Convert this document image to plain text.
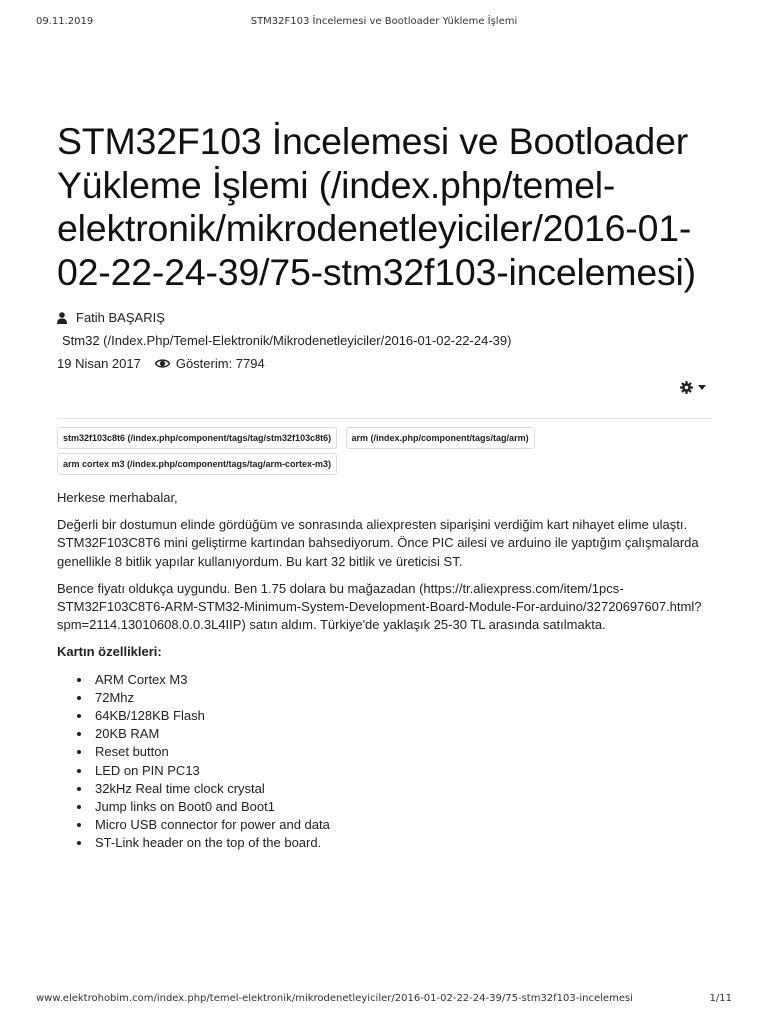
09.11.2019	STM32F103 İncelemesi ve Bootloader Yükleme İşlemi
STM32F103 İncelemesi ve Bootloader Yükleme İşlemi (/index.php/temel-elektronik/mikrodenetleyiciler/2016-01-02-22-24-39/75-stm32f103-incelemesi)
Fatih BAŞARIŞ
Stm32 (/Index.Php/Temel-Elektronik/Mikrodenetleyiciler/2016-01-02-22-24-39)
19 Nisan 2017	Gösterim: 7794
stm32f103c8t6 (/index.php/component/tags/tag/stm32f103c8t6) arm (/index.php/component/tags/tag/arm) arm cortex m3 (/index.php/component/tags/tag/arm-cortex-m3)

Herkese merhabalar,

Değerli bir dostumun elinde gördüğüm ve sonrasında aliexpresten siparişini verdiğim kart nihayet elime ulaştı. STM32F103C8T6 mini geliştirme kartından bahsediyorum. Önce PIC ailesi ve arduino ile yaptığım çalışmalarda genellikle 8 bitlik yapılar kullanıyordum. Bu kart 32 bitlik ve üreticisi ST.

Bence fiyatı oldukça uygundu. Ben 1.75 dolara bu mağazadan (https://tr.aliexpress.com/item/1pcs-STM32F103C8T6-ARM-STM32-Minimum-System-Development-Board-Module-For-arduino/32720697607.html?spm=2114.13010608.0.0.3L4IIP) satın aldım. Türkiye'de yaklaşık 25-30 TL arasında satılmakta.

Kartın özellikleri:

ARM Cortex M3
72Mhz
64KB/128KB Flash
20KB RAM
Reset button
LED on PIN PC13
32kHz Real time clock crystal
Jump links on Boot0 and Boot1
Micro USB connector for power and data
ST-Link header on the top of the board.
www.elektrohobim.com/index.php/temel-elektronik/mikrodenetleyiciler/2016-01-02-22-24-39/75-stm32f103-incelemesi	1/11
